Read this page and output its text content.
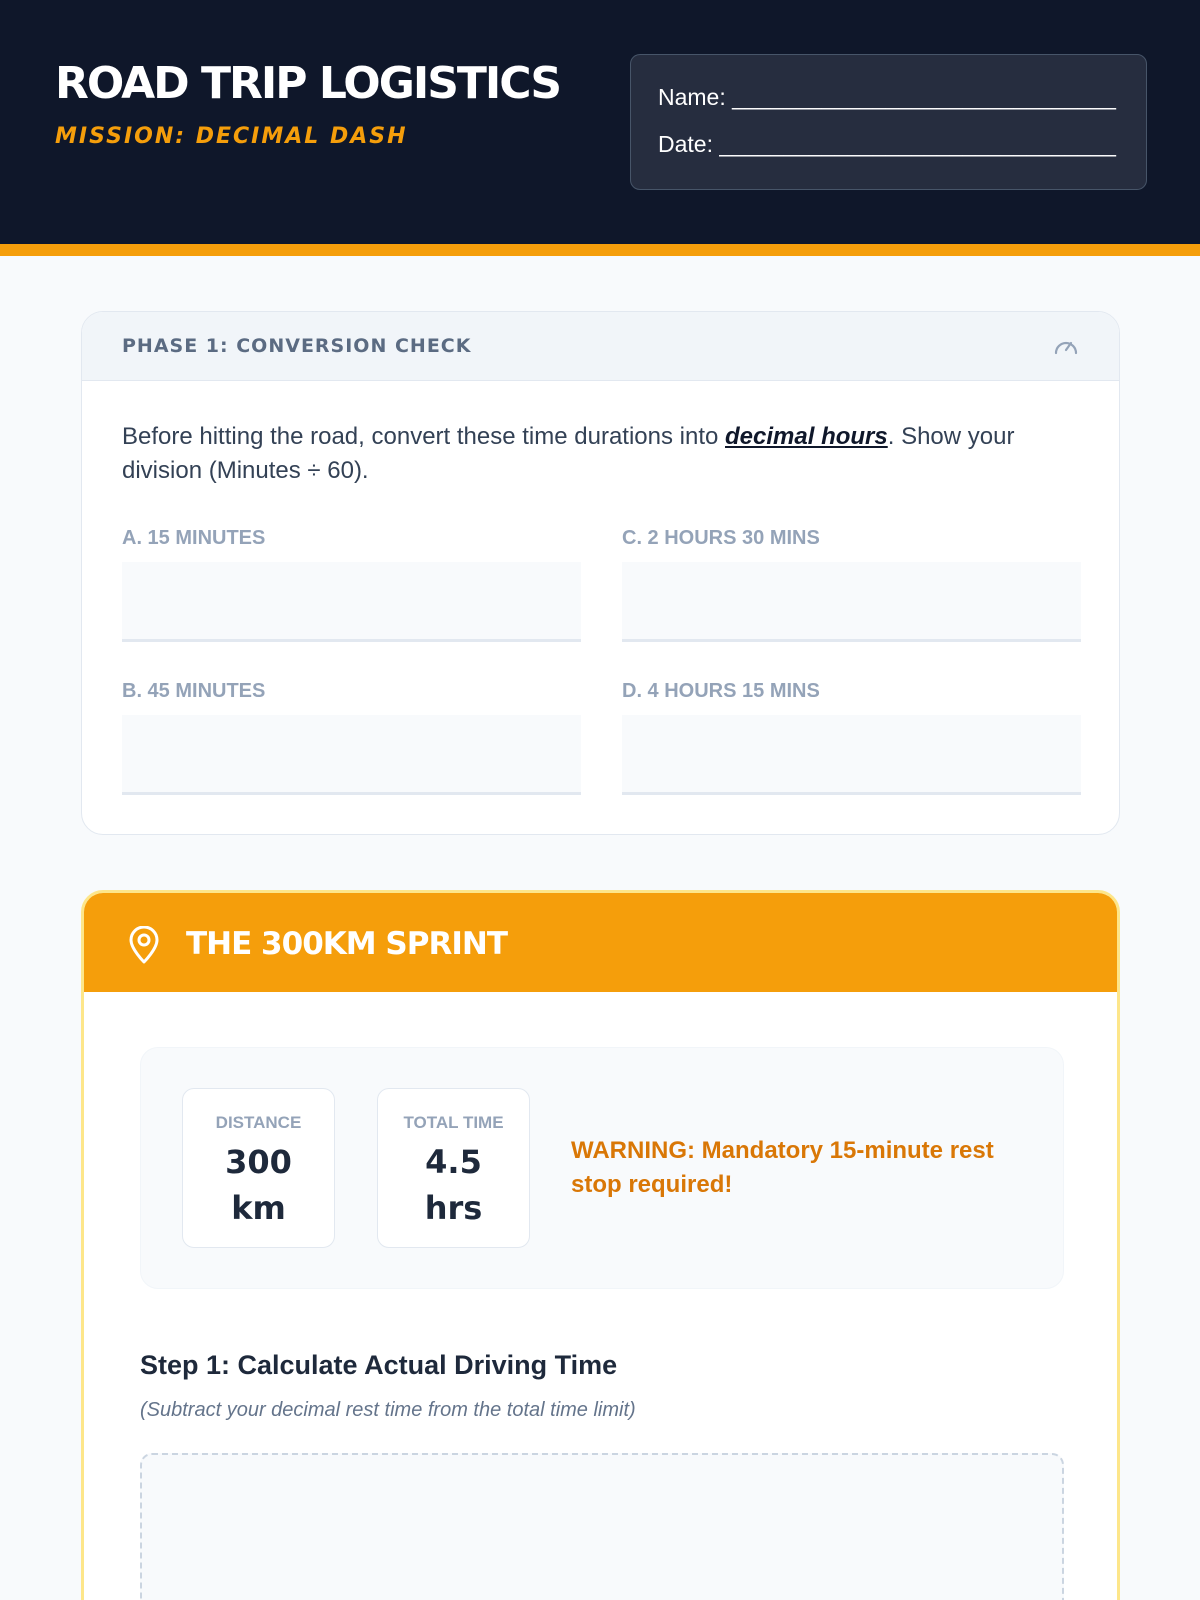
ROAD TRIP LOGISTICS
MISSION: DECIMAL DASH
Name: ______________________________
Date: _______________________________
PHASE 1: CONVERSION CHECK

Before hitting the road, convert these time durations into decimal hours. Show your division (Minutes ÷ 60).

A. 15 MINUTES	C. 2 HOURS 30 MINS
B. 45 MINUTES	D. 4 HOURS 15 MINS
THE 300KM SPRINT
DISTANCE
300
km
TOTAL TIME
4.5
hrs
WARNING: Mandatory 15-minute rest stop required!
Step 1: Calculate Actual Driving Time
(Subtract your decimal rest time from the total time limit)
